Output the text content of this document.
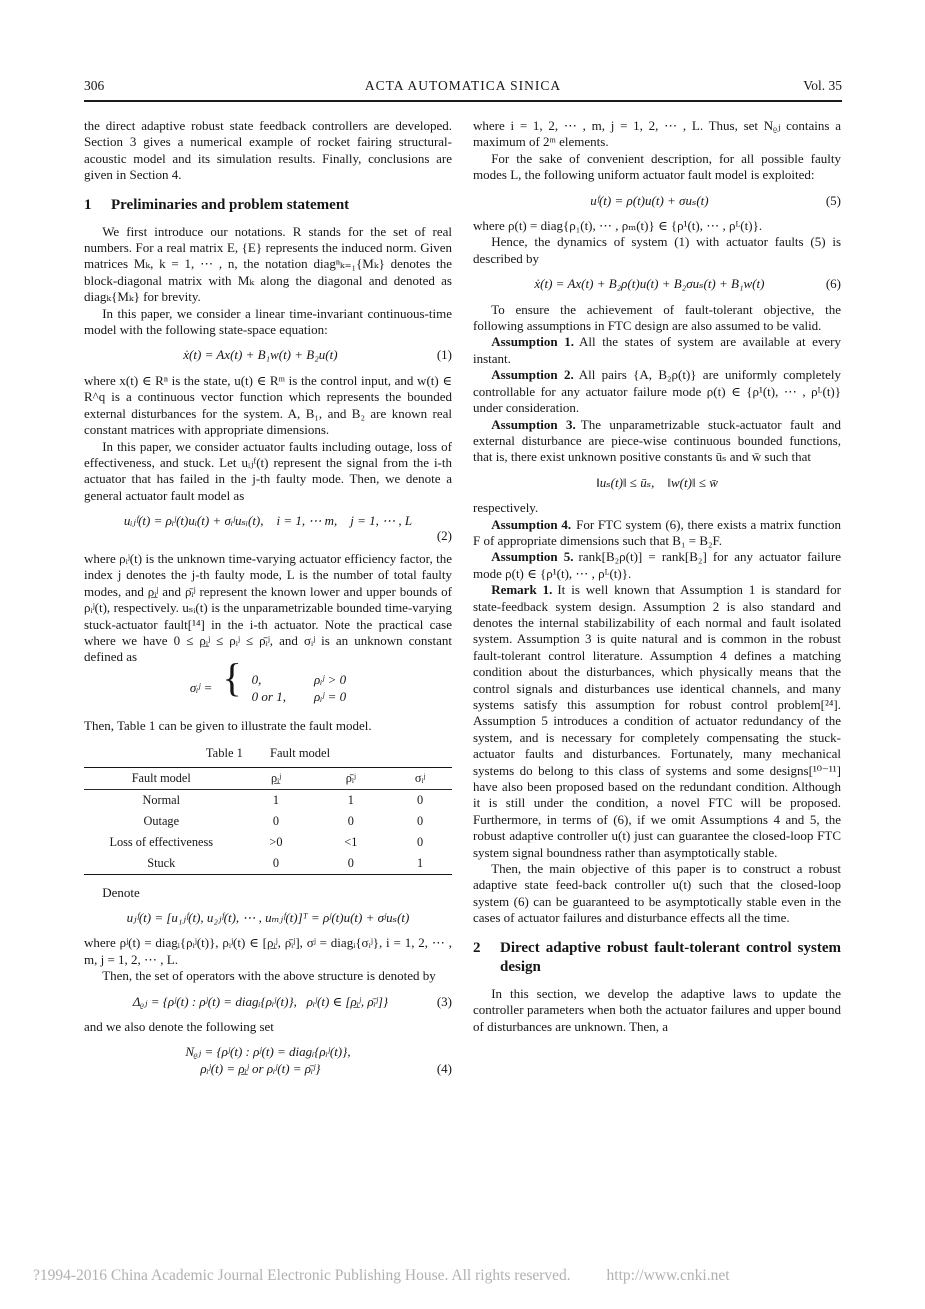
306	ACTA AUTOMATICA SINICA	Vol. 35

the direct adaptive robust state feedback controllers are developed. Section 3 gives a numerical example of rocket fairing structural-acoustic model and its simulation results. Finally, conclusions are given in Section 4.

1	Preliminaries and problem statement

We first introduce our notations. R stands for the set of real numbers. For a real matrix E, {E} represents the induced norm. Given matrices Mₖ, k = 1, ⋯ , n, the notation diagⁿₖ₌₁{Mₖ} denotes the block-diagonal matrix with Mₖ along the diagonal and denoted as diagₖ{Mₖ} for brevity.

In this paper, we consider a linear time-invariant continuous-time model with the following state-space equation:

ẋ(t) = Ax(t) + B₁w(t) + B₂u(t)	(1)

where x(t) ∈ Rⁿ is the state, u(t) ∈ Rᵐ is the control input, and w(t) ∈ R^q is a continuous vector function which represents the bounded external disturbances for the system. A, B₁, and B₂ are known real constant matrices with appropriate dimensions.

In this paper, we consider actuator faults including outage, loss of effectiveness, and stuck. Let uᵢⱼᶠ(t) represent the signal from the i-th actuator that has failed in the j-th faulty mode. Then, we denote a general actuator fault model as

uᵢⱼᶠ(t) = ρᵢʲ(t)uᵢ(t) + σᵢʲuₛᵢ(t),    i = 1, ⋯ m,    j = 1, ⋯ , L
(2)

where ρᵢʲ(t) is the unknown time-varying actuator efficiency factor, the index j denotes the j-th faulty mode, L is the number of total faulty modes, and ρ̲ᵢʲ and ρ̄ᵢʲ represent the known lower and upper bounds of ρᵢʲ(t), respectively. uₛᵢ(t) is the unparametrizable bounded time-varying stuck-actuator fault[¹⁴] in the i-th actuator. Note the practical case where we have 0 ≤ ρ̲ᵢʲ ≤ ρᵢʲ ≤ ρ̄ᵢʲ, and σᵢʲ is an unknown constant defined as

σᵢʲ = { 0,	ρᵢʲ > 0
0 or 1, ρᵢʲ = 0

Then, Table 1 can be given to illustrate the fault model.

Table 1 Fault model
Fault model	ρ̲ᵢʲ	ρ̄ᵢʲ	σᵢʲ
Normal	1	1	0
Outage	0	0	0
Loss of effectiveness	>0	<1	0
Stuck	0	0	1

Denote

uⱼᶠ(t) = [u₁ⱼᶠ(t), u₂ⱼᶠ(t), ⋯ , uₘⱼᶠ(t)]ᵀ = ρʲ(t)u(t) + σʲuₛ(t)

where ρʲ(t) = diagᵢ{ρᵢʲ(t)}, ρᵢʲ(t) ∈ [ρ̲ᵢʲ, ρ̄ᵢʲ], σʲ = diagᵢ{σᵢʲ}, i = 1, 2, ⋯ , m, j = 1, 2, ⋯ , L.

Then, the set of operators with the above structure is denoted by

Δᵨⱼ = {ρʲ(t) : ρʲ(t) = diagᵢ{ρᵢʲ(t)},   ρᵢʲ(t) ∈ [ρ̲ᵢʲ, ρ̄ᵢʲ]}	(3)

and we also denote the following set

Nᵨⱼ = {ρʲ(t) : ρʲ(t) = diagᵢ{ρᵢʲ(t)},
ρᵢʲ(t) = ρ̲ᵢʲ or ρᵢʲ(t) = ρ̄ᵢʲ}	(4)

where i = 1, 2, ⋯ , m, j = 1, 2, ⋯ , L. Thus, set Nᵨⱼ contains a maximum of 2ᵐ elements.

For the sake of convenient description, for all possible faulty modes L, the following uniform actuator fault model is exploited:

uᶠ(t) = ρ(t)u(t) + σuₛ(t)	(5)

where ρ(t) = diag{ρ₁(t), ⋯ , ρₘ(t)} ∈ {ρ¹(t), ⋯ , ρᴸ(t)}.

Hence, the dynamics of system (1) with actuator faults (5) is described by

ẋ(t) = Ax(t) + B₂ρ(t)u(t) + B₂σuₛ(t) + B₁w(t)	(6)

To ensure the achievement of fault-tolerant objective, the following assumptions in FTC design are also assumed to be valid.

Assumption 1. All the states of system are available at every instant.

Assumption 2. All pairs {A, B₂ρ(t)} are uniformly completely controllable for any actuator failure mode ρ(t) ∈ {ρ¹(t), ⋯ , ρᴸ(t)} under consideration.

Assumption 3. The unparametrizable stuck-actuator fault and external disturbance are piece-wise continuous bounded functions, that is, there exist unknown positive constants ūₛ and w̄ such that

‖uₛ(t)‖ ≤ ūₛ,    ‖w(t)‖ ≤ w̄

respectively.

Assumption 4. For FTC system (6), there exists a matrix function F of appropriate dimensions such that B₁ = B₂F.

Assumption 5. rank[B₂ρ(t)] = rank[B₂] for any actuator failure mode ρ(t) ∈ {ρ¹(t), ⋯ , ρᴸ(t)}.

Remark 1. It is well known that Assumption 1 is standard for state-feedback system design. Assumption 2 is also standard and denotes the internal stabilizability of each normal and fault isolated system. Assumption 3 is quite natural and is common in the robust fault-tolerant control literature. Assumption 4 defines a matching condition about the disturbances, which physically means that the control signals and disturbances use identical channels, and many systems satisfy this assumption for robust control problem[²⁴]. Assumption 5 introduces a condition of actuator redundancy of the system, and is necessary for completely compensating the stuck-actuator faults and disturbances. Fortunately, many mechanical systems do belong to this class of systems and some designs[¹⁰⁻¹¹] have also been proposed based on the redundant condition. Although it is still under the condition, a novel FTC will be proposed. Furthermore, in terms of (6), if we omit Assumptions 4 and 5, the robust adaptive controller u(t) just can guarantee the closed-loop FTC system signal boundness rather than asymptotically stable.

Then, the main objective of this paper is to construct a robust adaptive state feed-back controller u(t) such that the closed-loop system (6) can be guaranteed to be asymptotically stable even in the cases of actuator failures and disturbance effects all the time.

2	Direct adaptive robust fault-tolerant control system design

In this section, we develop the adaptive laws to update the controller parameters when both the actuator failures and upper bound of disturbances are unknown. Then, a

?1994-2016 China Academic Journal Electronic Publishing House. All rights reserved. http://www.cnki.net
